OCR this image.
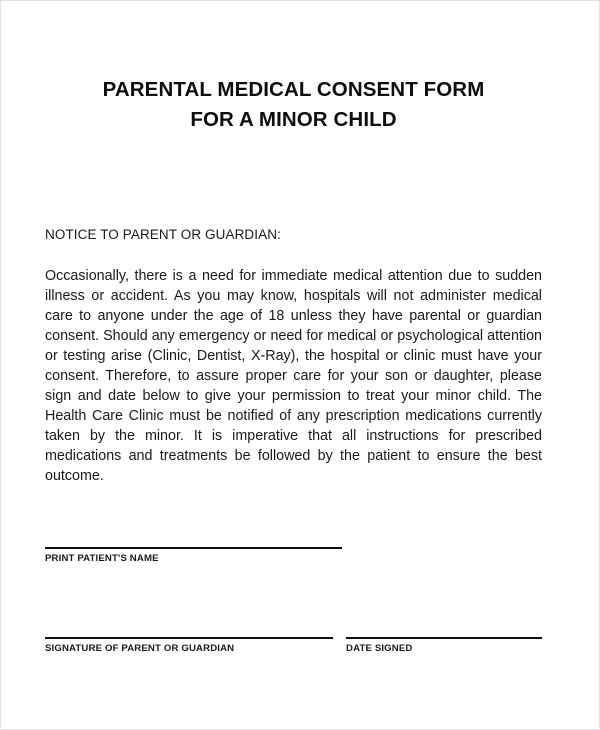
PARENTAL MEDICAL CONSENT FORM
FOR A MINOR CHILD
NOTICE TO PARENT OR GUARDIAN:
Occasionally, there is a need for immediate medical attention due to sudden illness or accident. As you may know, hospitals will not administer medical care to anyone under the age of 18 unless they have parental or guardian consent. Should any emergency or need for medical or psychological attention or testing arise (Clinic, Dentist, X-Ray), the hospital or clinic must have your consent. Therefore, to assure proper care for your son or daughter, please sign and date below to give your permission to treat your minor child. The Health Care Clinic must be notified of any prescription medications currently taken by the minor. It is imperative that all instructions for prescribed medications and treatments be followed by the patient to ensure the best outcome.
PRINT PATIENT'S NAME
SIGNATURE OF PARENT OR GUARDIAN	DATE SIGNED
